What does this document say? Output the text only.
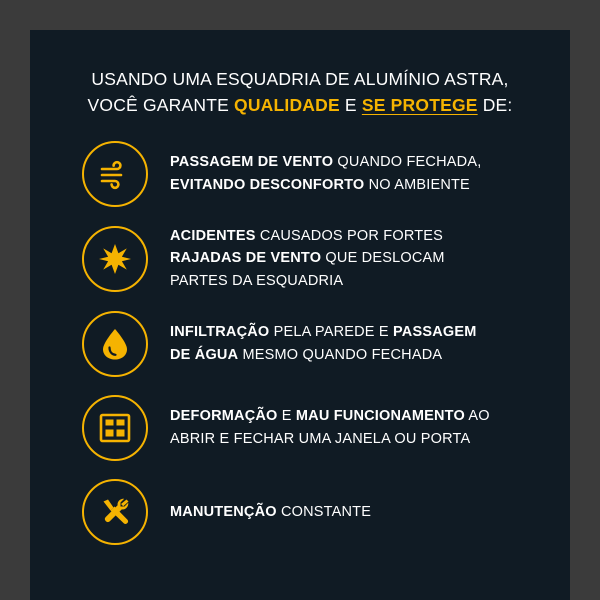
USANDO UMA ESQUADRIA DE ALUMÍNIO ASTRA,
VOCÊ GARANTE QUALIDADE E SE PROTEGE DE:
PASSAGEM DE VENTO QUANDO FECHADA,
EVITANDO DESCONFORTO NO AMBIENTE
ACIDENTES CAUSADOS POR FORTES
RAJADAS DE VENTO QUE DESLOCAM
PARTES DA ESQUADRIA
INFILTRAÇÃO PELA PAREDE E PASSAGEM
DE ÁGUA MESMO QUANDO FECHADA
DEFORMAÇÃO E MAU FUNCIONAMENTO AO
ABRIR E FECHAR UMA JANELA OU PORTA
MANUTENÇÃO CONSTANTE
